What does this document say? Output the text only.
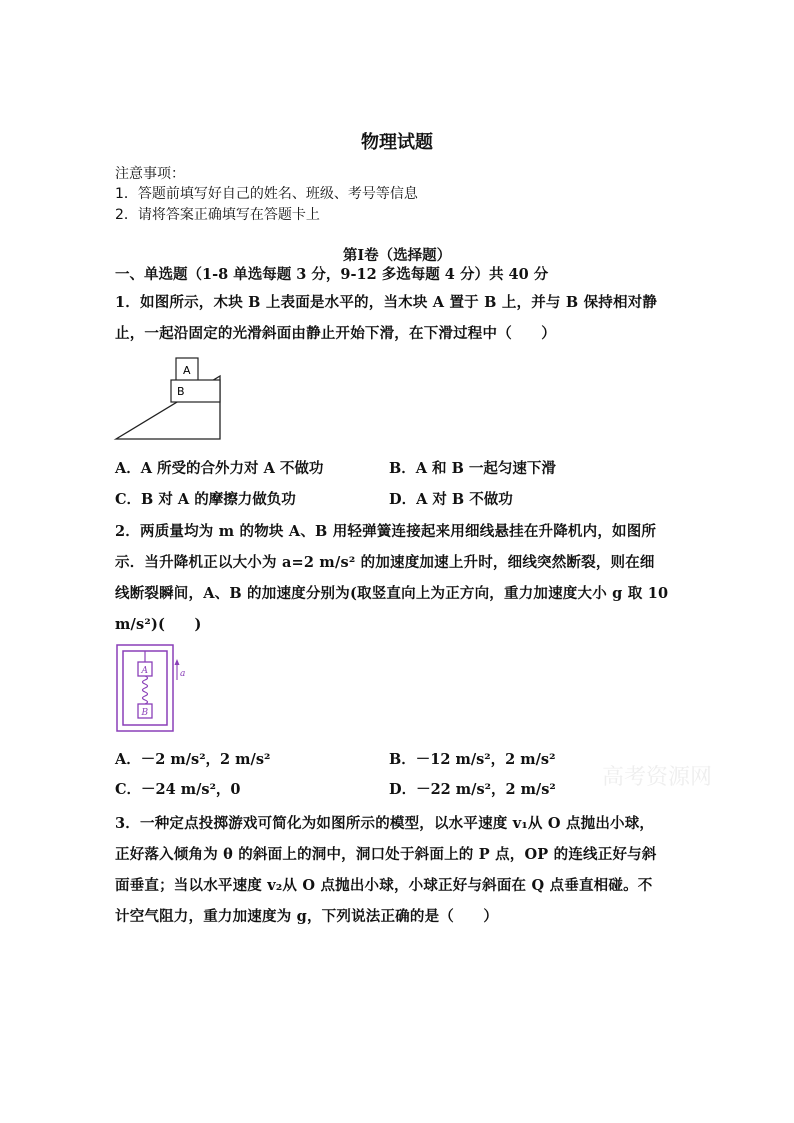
物理试题
注意事项：
1．答题前填写好自己的姓名、班级、考号等信息
2．请将答案正确填写在答题卡上
第I卷（选择题）
一、单选题（1-8 单选每题 3 分，9-12 多选每题 4 分）共 40 分
1．如图所示，木块 B 上表面是水平的，当木块 A 置于 B 上，并与 B 保持相对静
止，一起沿固定的光滑斜面由静止开始下滑，在下滑过程中（　　）
A
B
A．A 所受的合外力对 A 不做功	B．A 和 B 一起匀速下滑
C．B 对 A 的摩擦力做负功	D．A 对 B 不做功
2．两质量均为 m 的物块 A、B 用轻弹簧连接起来用细线悬挂在升降机内，如图所
示．当升降机正以大小为 a=2 m/s² 的加速度加速上升时，细线突然断裂，则在细
线断裂瞬间，A、B 的加速度分别为(取竖直向上为正方向，重力加速度大小 g 取 10
m/s²)(　　)
A
B
a
A．－2 m/s²，2 m/s²	B．－12 m/s²，2 m/s²
C．－24 m/s²，0	D．－22 m/s²，2 m/s² 高考资源网
3．一种定点投掷游戏可简化为如图所示的模型，以水平速度 v₁从 O 点抛出小球，
正好落入倾角为 θ 的斜面上的洞中，洞口处于斜面上的 P 点，OP 的连线正好与斜
面垂直；当以水平速度 v₂从 O 点抛出小球，小球正好与斜面在 Q 点垂直相碰。不
计空气阻力，重力加速度为 g，下列说法正确的是（　　）
